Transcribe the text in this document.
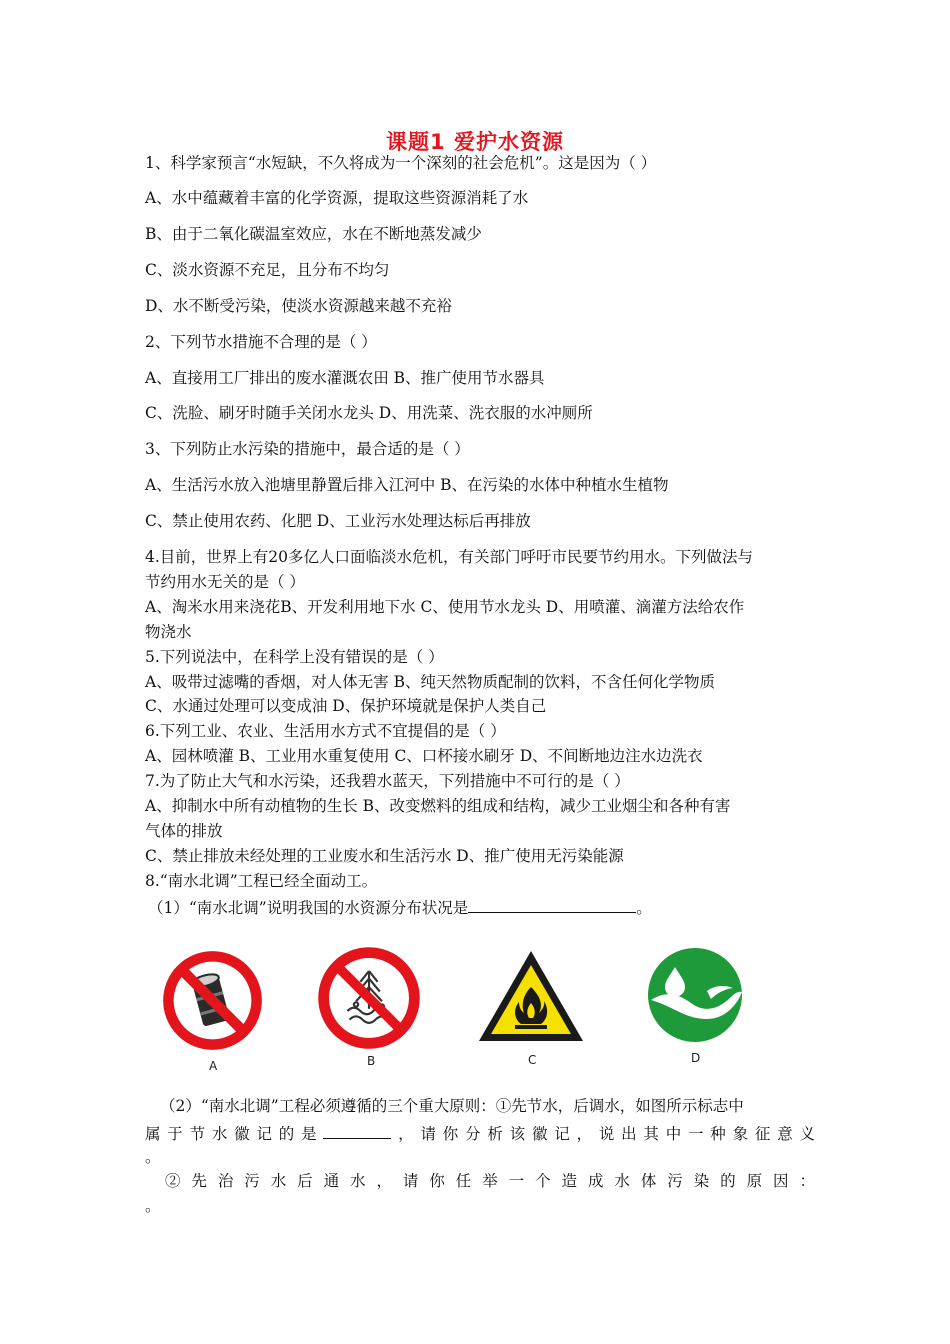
课题1 爱护水资源
1、科学家预言“水短缺，不久将成为一个深刻的社会危机”。这是因为（ ）
A、水中蕴藏着丰富的化学资源，提取这些资源消耗了水
B、由于二氧化碳温室效应，水在不断地蒸发减少
C、淡水资源不充足，且分布不均匀
D、水不断受污染，使淡水资源越来越不充裕
2、下列节水措施不合理的是（ ）
A、直接用工厂排出的废水灌溉农田 B、推广使用节水器具
C、洗脸、刷牙时随手关闭水龙头 D、用洗菜、洗衣服的水冲厕所
3、下列防止水污染的措施中，最合适的是（ ）
A、生活污水放入池塘里静置后排入江河中 B、在污染的水体中种植水生植物
C、禁止使用农药、化肥 D、工业污水处理达标后再排放
4.目前，世界上有20多亿人口面临淡水危机，有关部门呼吁市民要节约用水。下列做法与
节约用水无关的是（ ）
A、淘米水用来浇花B、开发利用地下水 C、使用节水龙头 D、用喷灌、滴灌方法给农作
物浇水
5.下列说法中，在科学上没有错误的是（ ）
A、吸带过滤嘴的香烟，对人体无害 B、纯天然物质配制的饮料，不含任何化学物质
C、水通过处理可以变成油 D、保护环境就是保护人类自己
6.下列工业、农业、生活用水方式不宜提倡的是（ ）
A、园林喷灌 B、工业用水重复使用 C、口杯接水刷牙 D、不间断地边注水边洗衣
7.为了防止大气和水污染，还我碧水蓝天，下列措施中不可行的是（ ）
A、抑制水中所有动植物的生长 B、改变燃料的组成和结构，减少工业烟尘和各种有害
气体的排放
C、禁止排放未经处理的工业废水和生活污水 D、推广使用无污染能源
8.“南水北调”工程已经全面动工。
（1）“南水北调”说明我国的水资源分布状况是	。
A	B	C	D
（2）“南水北调”工程必须遵循的三个重大原则：①先节水，后调水，如图所示标志中
属于节水徽记的是	，请你分析该徽记，说出其中一种象征意义
。
② 先 治 污 水 后 通 水 ， 请 你 任 举 一 个 造 成 水 体 污 染 的 原 因 ：
。
